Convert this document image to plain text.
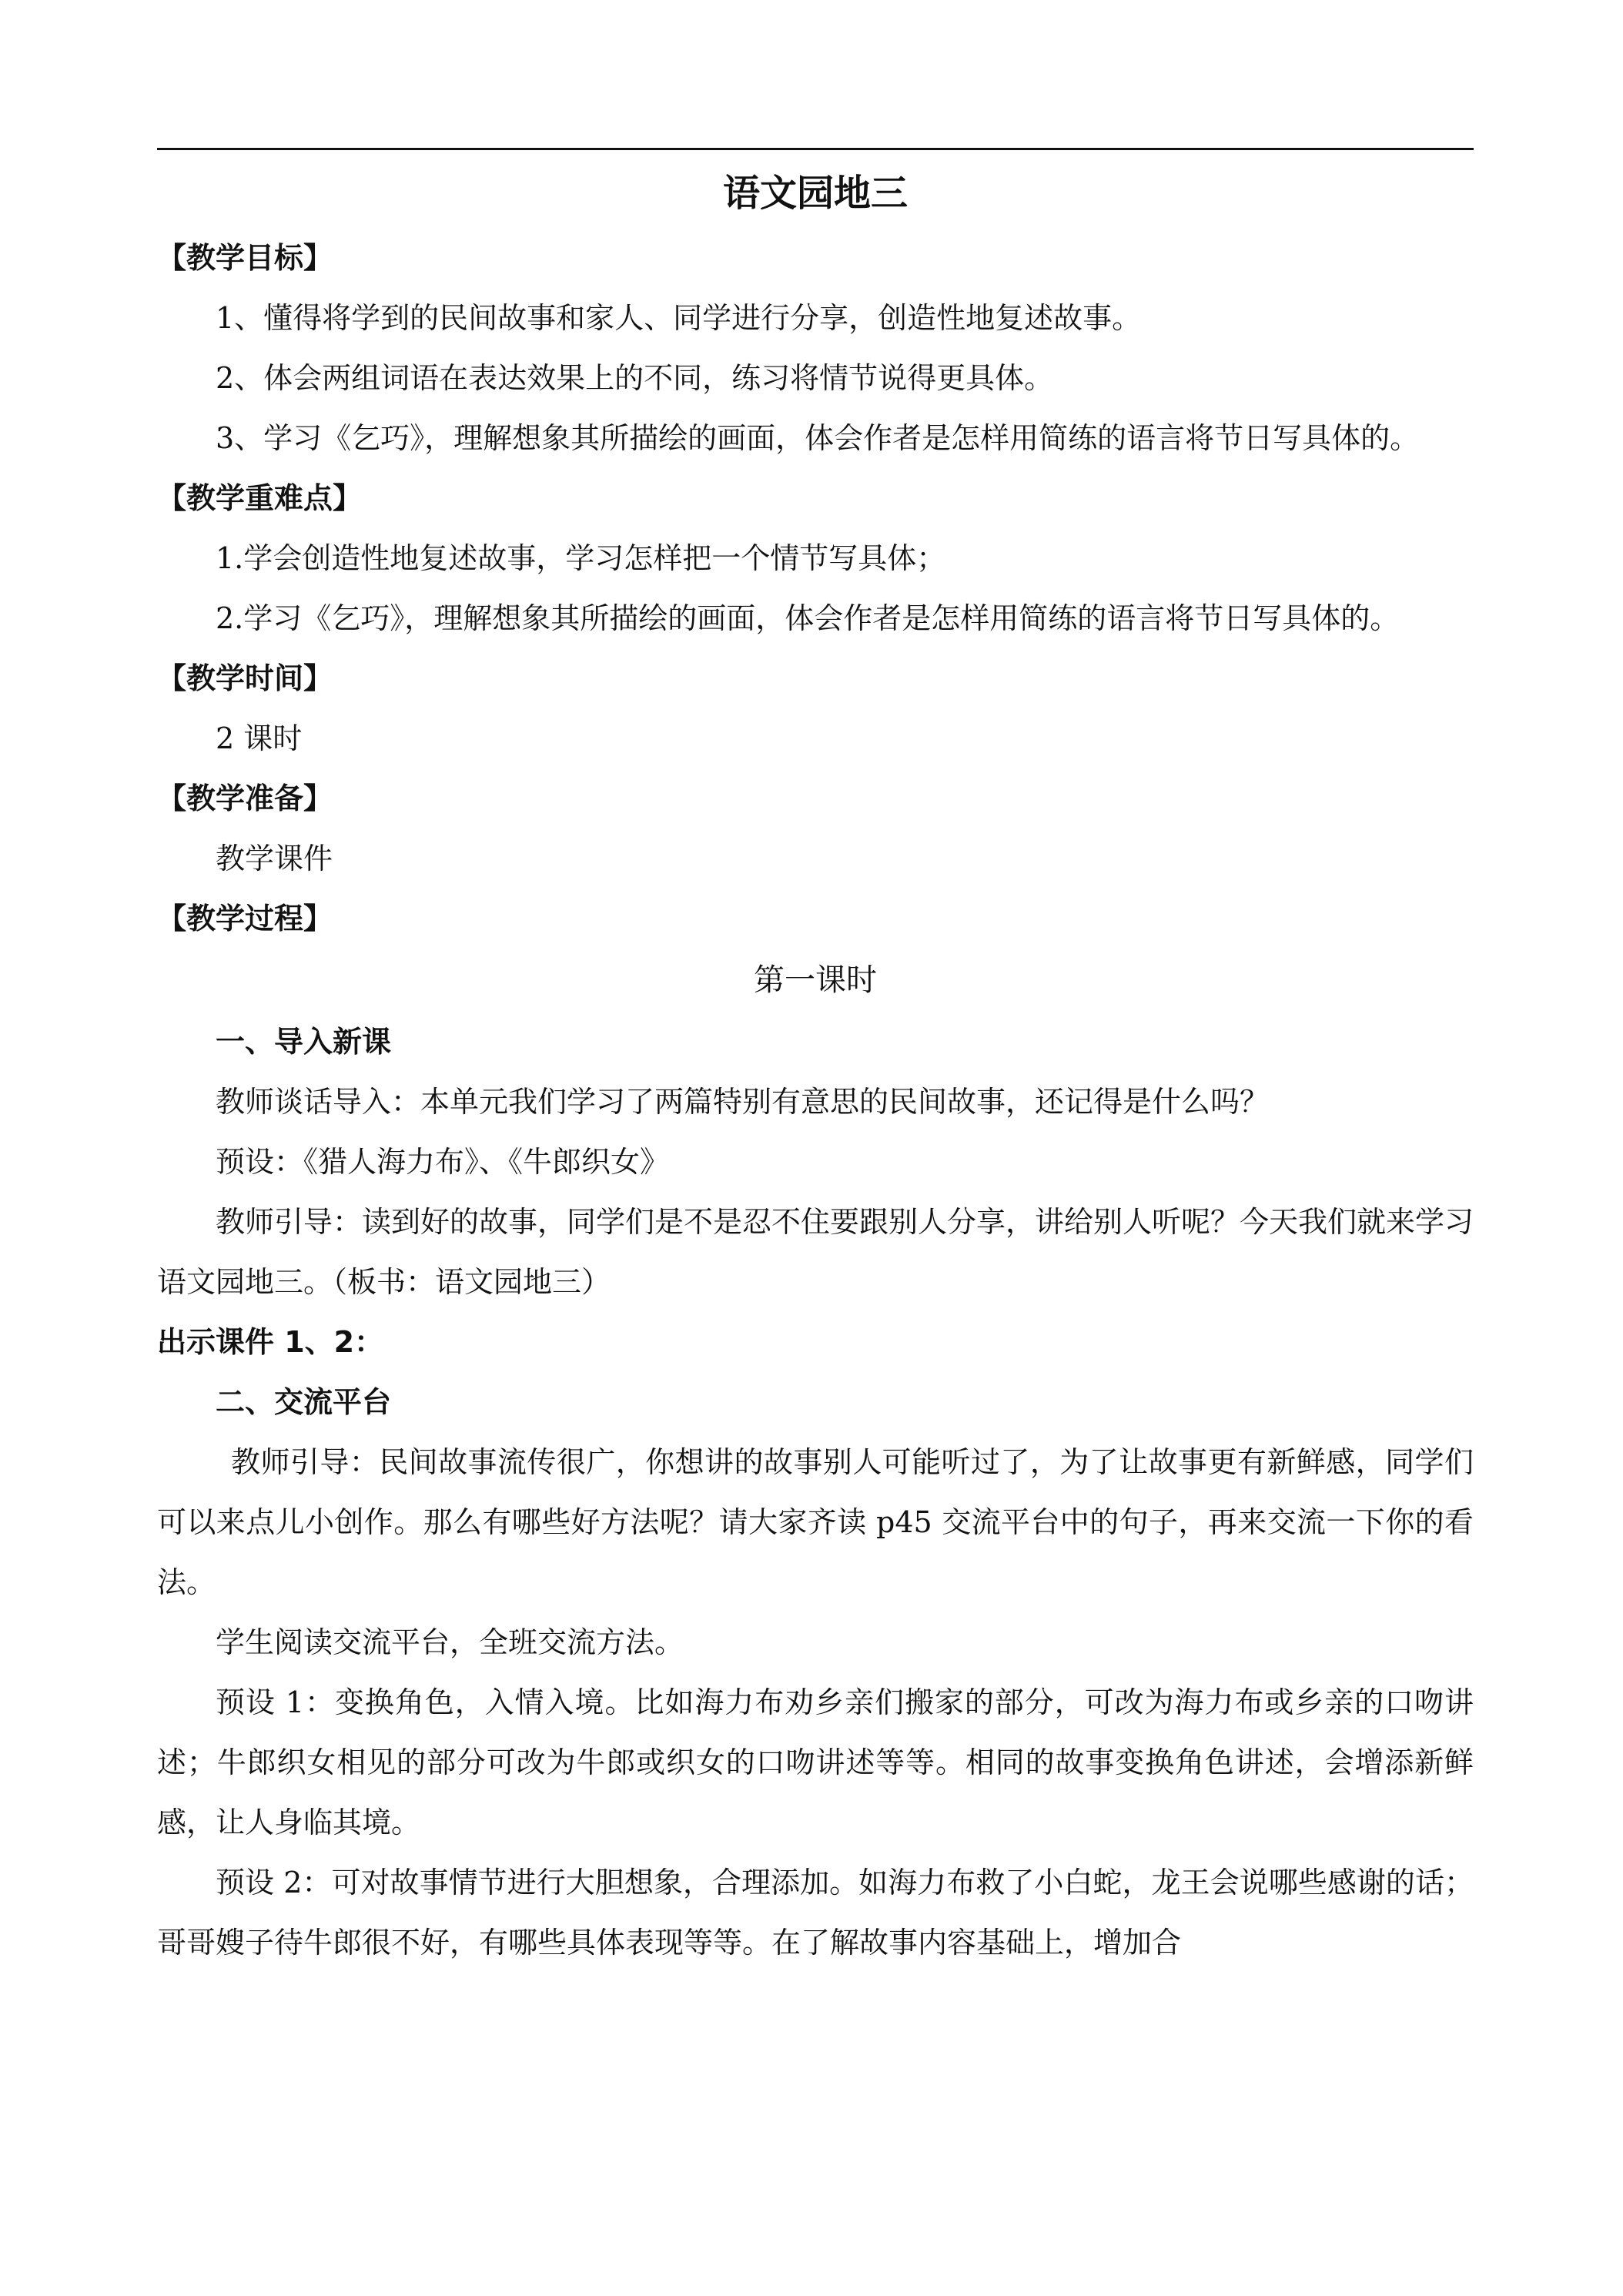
语文园地三

【教学目标】

1、懂得将学到的民间故事和家人、同学进行分享，创造性地复述故事。

2、体会两组词语在表达效果上的不同，练习将情节说得更具体。

3、学习《乞巧》，理解想象其所描绘的画面，体会作者是怎样用简练的语言将节日写具体的。

【教学重难点】

1.学会创造性地复述故事，学习怎样把一个情节写具体；

2.学习《乞巧》，理解想象其所描绘的画面，体会作者是怎样用简练的语言将节日写具体的。

【教学时间】

2 课时

【教学准备】

教学课件

【教学过程】

第一课时

一、导入新课

教师谈话导入：本单元我们学习了两篇特别有意思的民间故事，还记得是什么吗？

预设：《猎人海力布》、《牛郎织女》

教师引导：读到好的故事，同学们是不是忍不住要跟别人分享，讲给别人听呢？今天我们就来学习语文园地三。（板书：语文园地三）

出示课件 1、2：

二、交流平台

教师引导：民间故事流传很广，你想讲的故事别人可能听过了，为了让故事更有新鲜感，同学们可以来点儿小创作。那么有哪些好方法呢？请大家齐读 p45 交流平台中的句子，再来交流一下你的看法。

学生阅读交流平台，全班交流方法。

预设 1：变换角色，入情入境。比如海力布劝乡亲们搬家的部分，可改为海力布或乡亲的口吻讲述；牛郎织女相见的部分可改为牛郎或织女的口吻讲述等等。相同的故事变换角色讲述，会增添新鲜感，让人身临其境。

预设 2：可对故事情节进行大胆想象，合理添加。如海力布救了小白蛇，龙王会说哪些感谢的话；哥哥嫂子待牛郎很不好，有哪些具体表现等等。在了解故事内容基础上，增加合
